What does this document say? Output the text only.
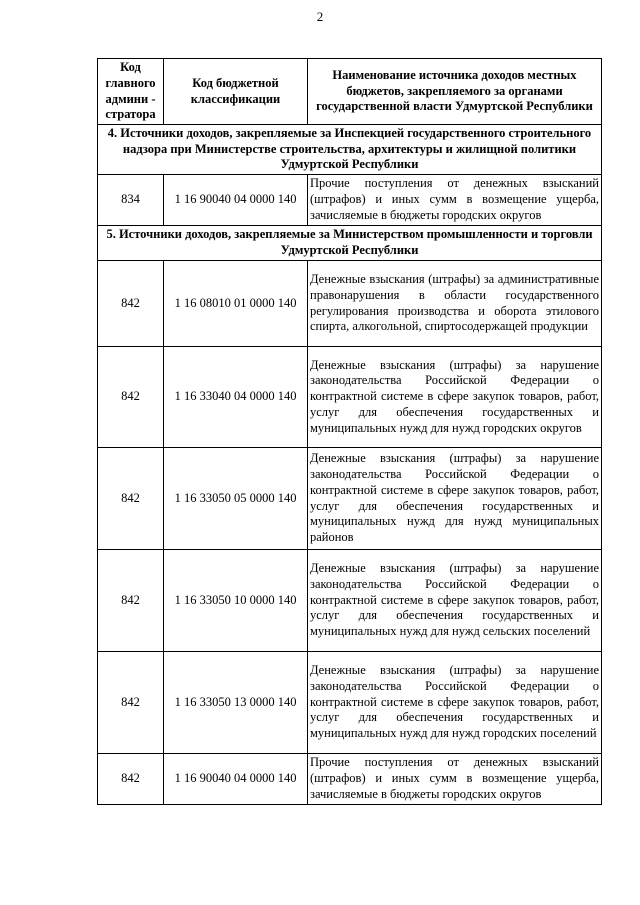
2
Код главного админи - стратора	Код бюджетной классификации	Наименование источника доходов местных бюджетов, закрепляемого за органами государственной власти Удмуртской Республики
4. Источники доходов, закрепляемые за Инспекцией государственного строительного надзора при Министерстве строительства, архитектуры и жилищной политики Удмуртской Республики		
834	1 16 90040 04 0000 140	Прочие поступления от денежных взысканий (штрафов) и иных сумм в возмещение ущерба, зачисляемые в бюджеты городских округов
5. Источники доходов, закрепляемые за Министерством промышленности и торговли Удмуртской Республики		
842	1 16 08010 01 0000 140	Денежные взыскания (штрафы) за административные правонарушения в области государственного регулирования производства и оборота этилового спирта, алкогольной, спиртосодержащей продукции
842	1 16 33040 04 0000 140	Денежные взыскания (штрафы) за нарушение законодательства Российской Федерации о контрактной системе в сфере закупок товаров, работ, услуг для обеспечения государственных и муниципальных нужд для нужд городских округов
842	1 16 33050 05 0000 140	Денежные взыскания (штрафы) за нарушение законодательства Российской Федерации о контрактной системе в сфере закупок товаров, работ, услуг для обеспечения государственных и муниципальных нужд для нужд муниципальных районов
842	1 16 33050 10 0000 140	Денежные взыскания (штрафы) за нарушение законодательства Российской Федерации о контрактной системе в сфере закупок товаров, работ, услуг для обеспечения государственных и муниципальных нужд для нужд сельских поселений
842	1 16 33050 13 0000 140	Денежные взыскания (штрафы) за нарушение законодательства Российской Федерации о контрактной системе в сфере закупок товаров, работ, услуг для обеспечения государственных и муниципальных нужд для нужд городских поселений
842	1 16 90040 04 0000 140	Прочие поступления от денежных взысканий (штрафов) и иных сумм в возмещение ущерба, зачисляемые в бюджеты городских округов
